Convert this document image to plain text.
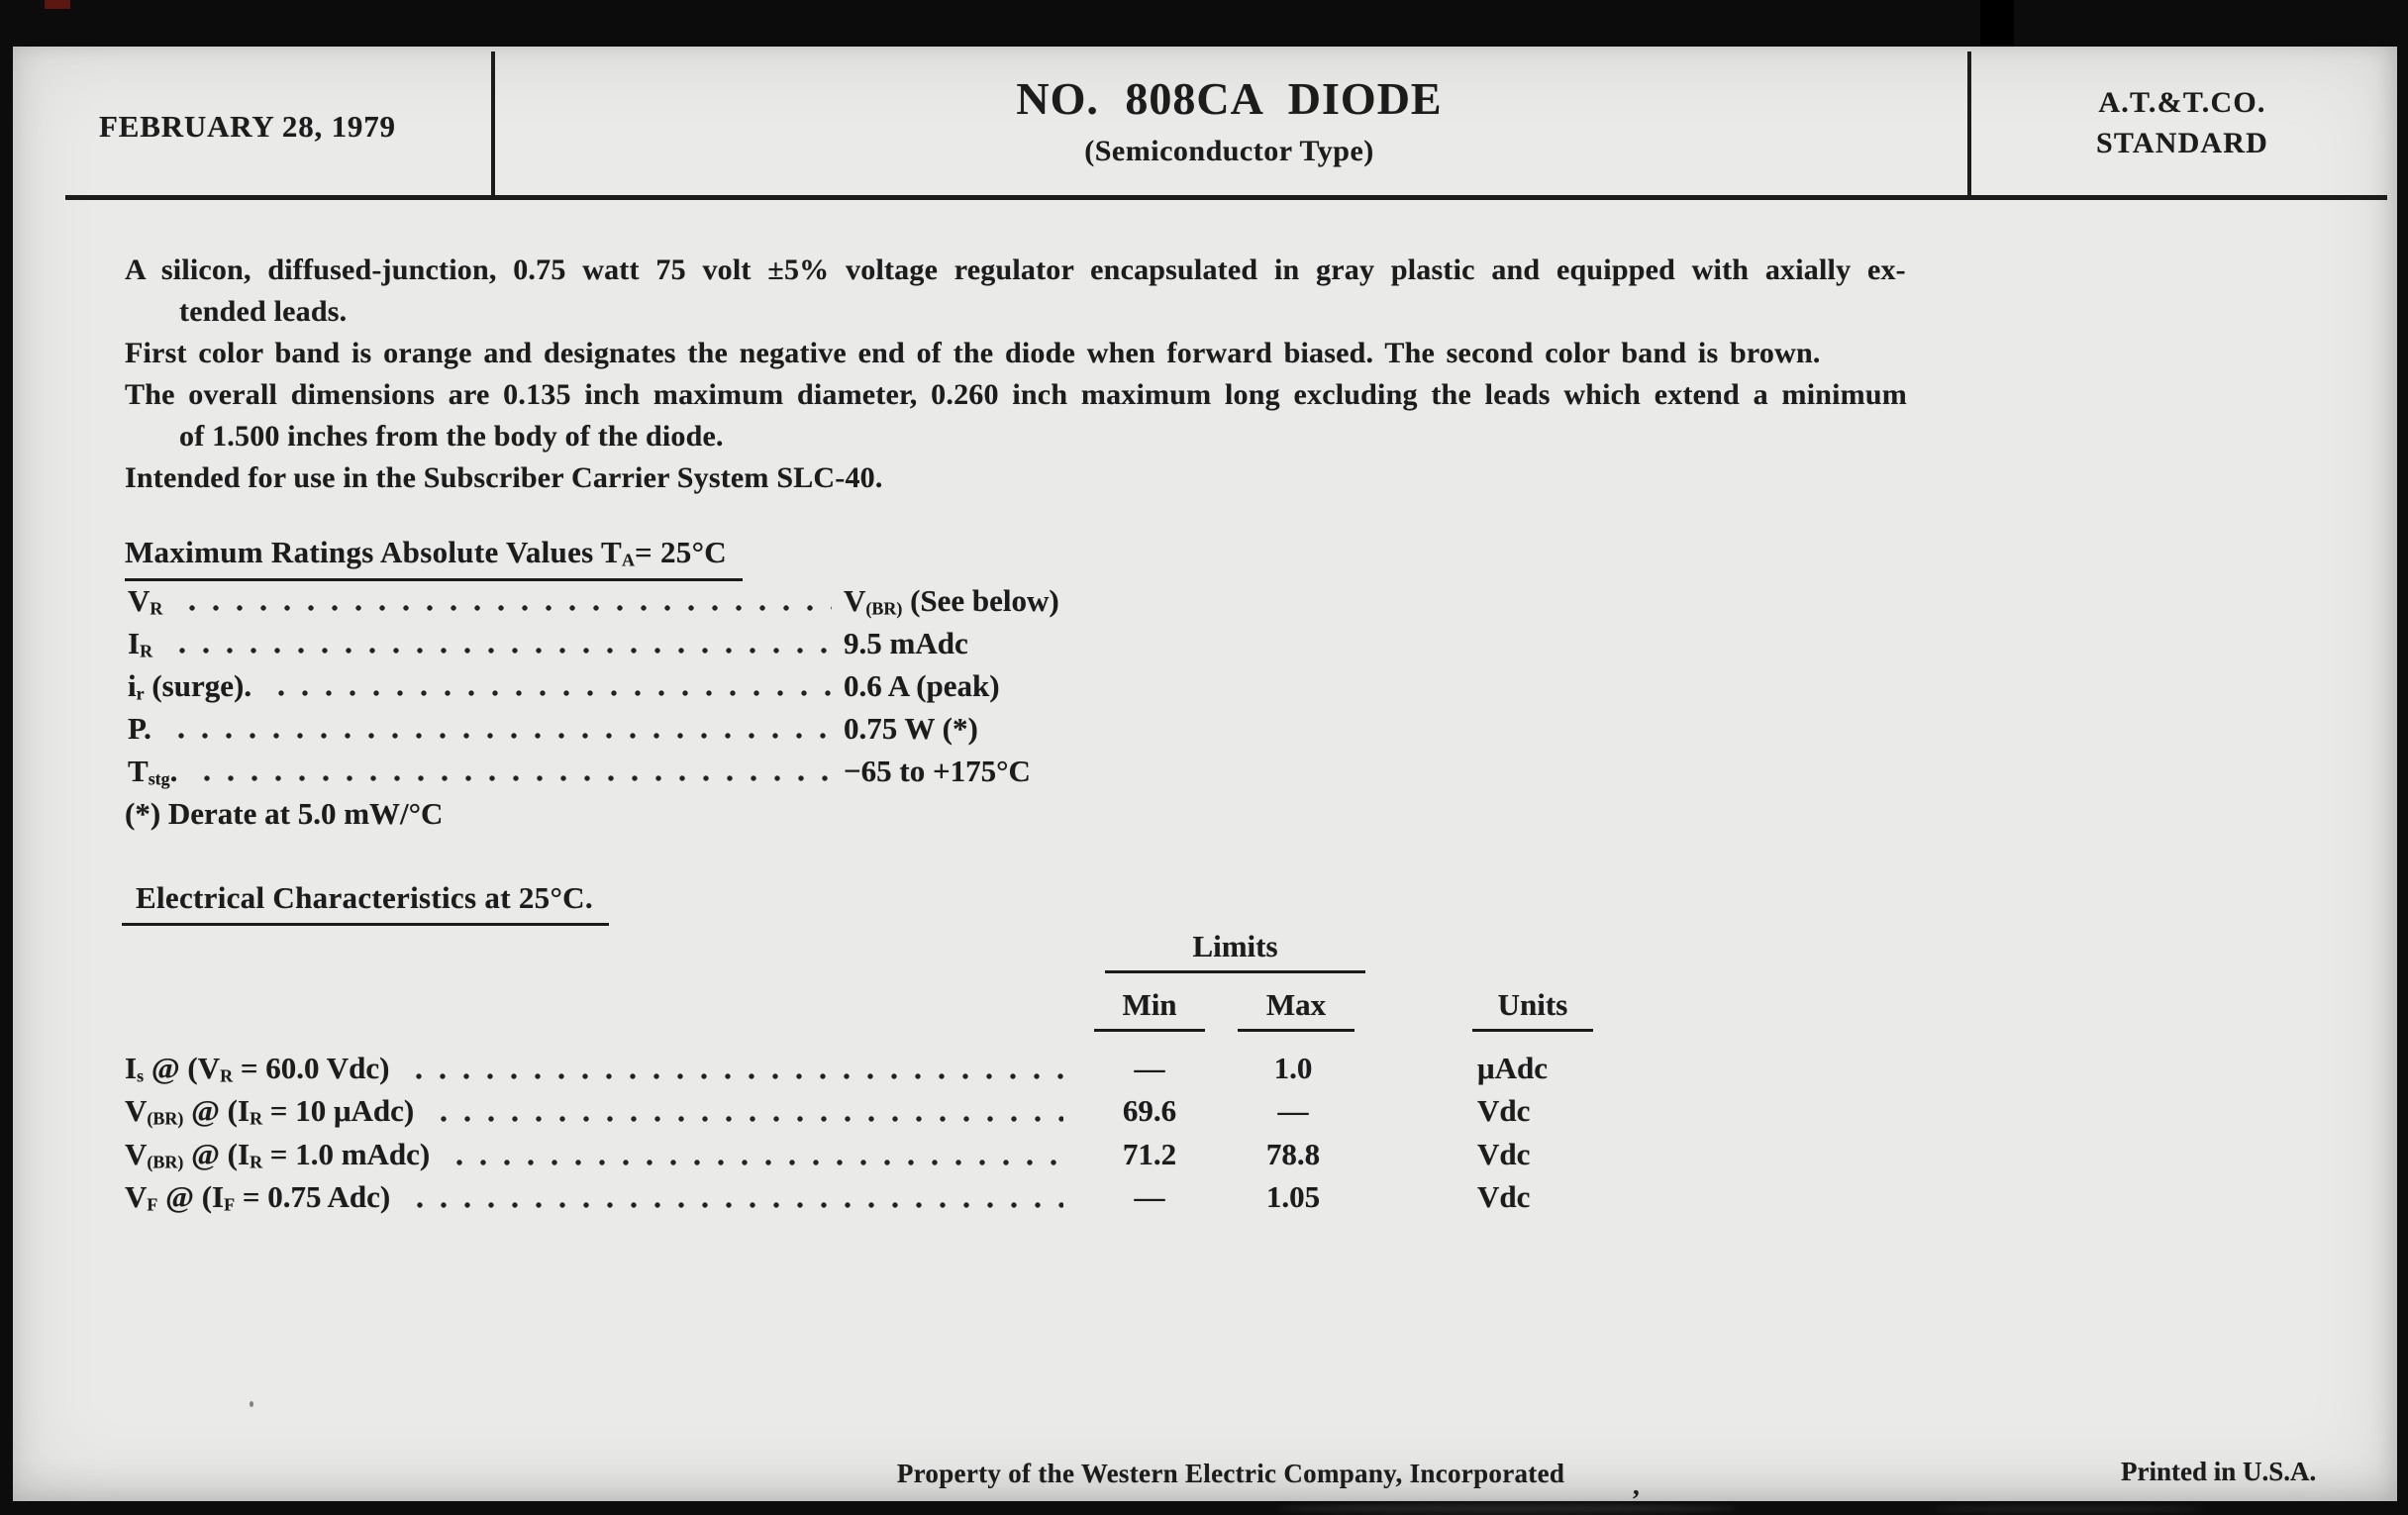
FEBRUARY 28, 1979
NO. 808CA DIODE
(Semiconductor Type)
A.T.&T.CO.
STANDARD
A silicon, diffused-junction, 0.75 watt 75 volt ±5% voltage regulator encapsulated in gray plastic and equipped with axially ex-
tended leads.
First color band is orange and designates the negative end of the diode when forward biased. The second color band is brown.
The overall dimensions are 0.135 inch maximum diameter, 0.260 inch maximum long excluding the leads which extend a minimum
of 1.500 inches from the body of the diode.
Intended for use in the Subscriber Carrier System SLC-40.
Maximum Ratings Absolute Values $T_A= 25^\circ C$
$V_R$	$V_{(BR)}$ (See below)
$I_R$	9.5 mAdc
$i_r$ (surge).	0.6 A (peak)
P.	0.75 W (*)
$T_{stg}$.	−65 to +175°C
(*) Derate at 5.0 mW/°C
Electrical Characteristics at 25°C.
Limits
Min	Max	Units
$I_s$ @ ($V_R = 60.0$ Vdc)	—	1.0	μAdc
$V_{(BR)}$ @ ($I_R = 10$ μAdc)	69.6	—	Vdc
$V_{(BR)}$ @ ($I_R = 1.0$ mAdc)	71.2	78.8	Vdc
$V_F$ @ ($I_F = 0.75$ Adc)	—	1.05	Vdc
Property of the Western Electric Company, Incorporated	,	Printed in U.S.A.
